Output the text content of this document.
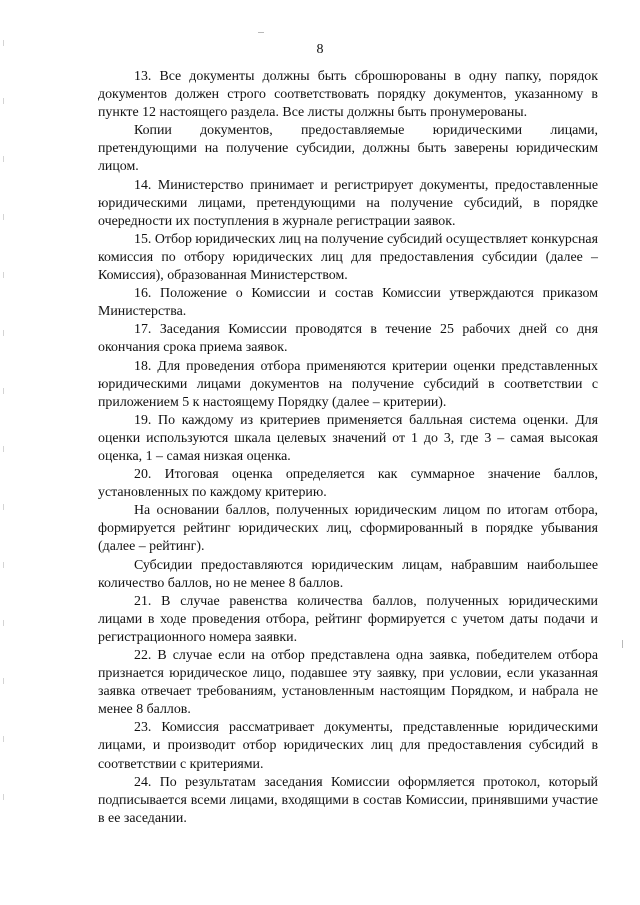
8

13. Все документы должны быть сброшюрованы в одну папку, порядок документов должен строго соответствовать порядку документов, указанному в пункте 12 настоящего раздела. Все листы должны быть пронумерованы.

Копии документов, предоставляемые юридическими лицами, претендующими на получение субсидии, должны быть заверены юридическим лицом.

14. Министерство принимает и регистрирует документы, предоставленные юридическими лицами, претендующими на получение субсидий, в порядке очередности их поступления в журнале регистрации заявок.

15. Отбор юридических лиц на получение субсидий осуществляет конкурсная комиссия по отбору юридических лиц для предоставления субсидии (далее – Комиссия), образованная Министерством.

16. Положение о Комиссии и состав Комиссии утверждаются приказом Министерства.

17. Заседания Комиссии проводятся в течение 25 рабочих дней со дня окончания срока приема заявок.

18. Для проведения отбора применяются критерии оценки представленных юридическими лицами документов на получение субсидий в соответствии с приложением 5 к настоящему Порядку (далее – критерии).

19. По каждому из критериев применяется балльная система оценки. Для оценки используются шкала целевых значений от 1 до 3, где 3 – самая высокая оценка, 1 – самая низкая оценка.

20. Итоговая оценка определяется как суммарное значение баллов, установленных по каждому критерию.

На основании баллов, полученных юридическим лицом по итогам отбора, формируется рейтинг юридических лиц, сформированный в порядке убывания (далее – рейтинг).

Субсидии предоставляются юридическим лицам, набравшим наибольшее количество баллов, но не менее 8 баллов.

21. В случае равенства количества баллов, полученных юридическими лицами в ходе проведения отбора, рейтинг формируется с учетом даты подачи и регистрационного номера заявки.

22. В случае если на отбор представлена одна заявка, победителем отбора признается юридическое лицо, подавшее эту заявку, при условии, если указанная заявка отвечает требованиям, установленным настоящим Порядком, и набрала не менее 8 баллов.

23. Комиссия рассматривает документы, представленные юридическими лицами, и производит отбор юридических лиц для предоставления субсидий в соответствии с критериями.

24. По результатам заседания Комиссии оформляется протокол, который подписывается всеми лицами, входящими в состав Комиссии, принявшими участие в ее заседании.
